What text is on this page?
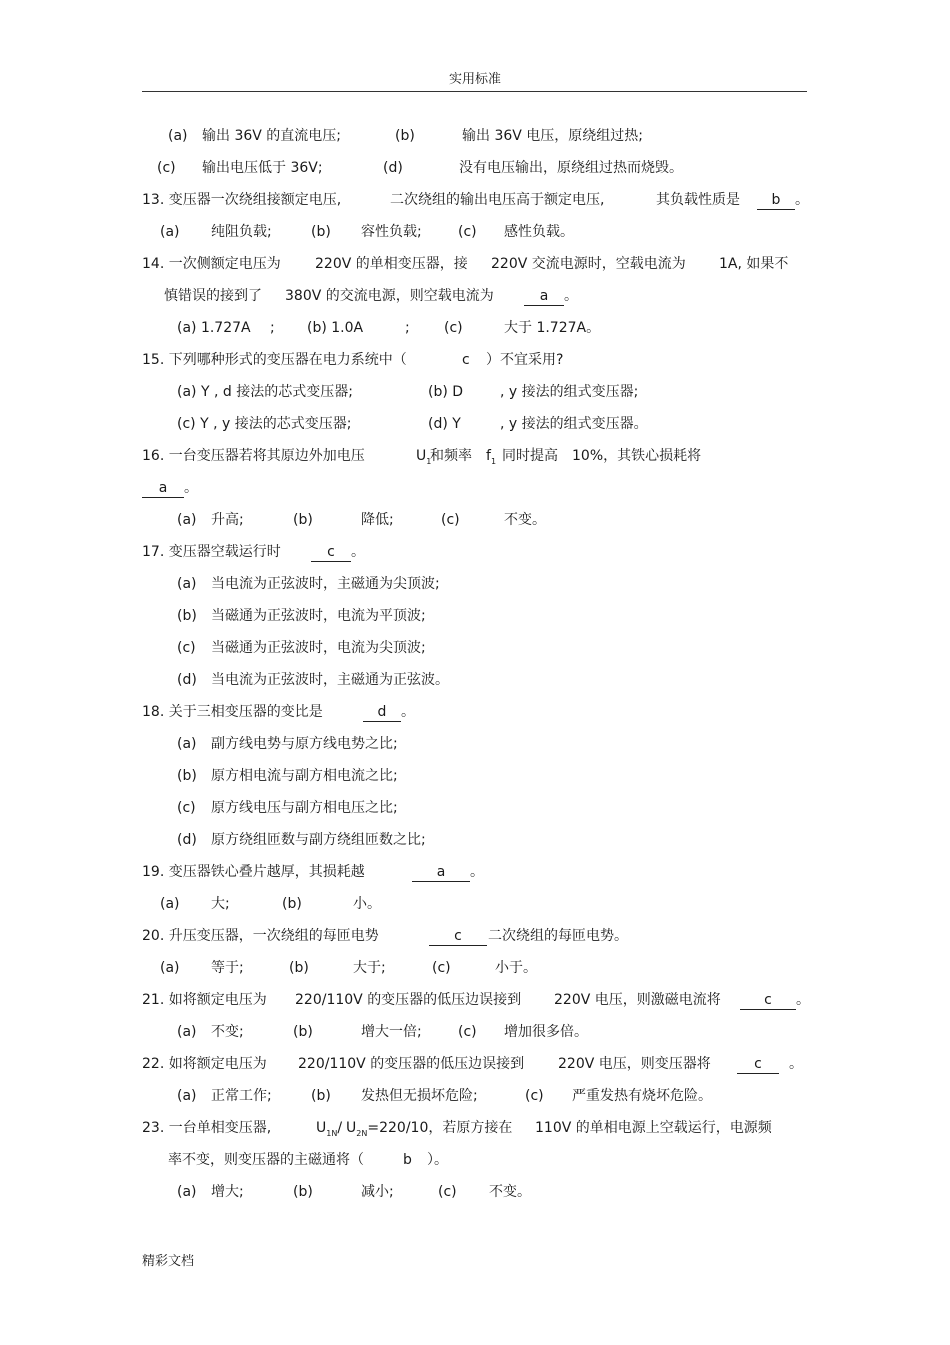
实用标准
(a) 输出 36V 的直流电压;	(b)	输出 36V 电压，原绕组过热;
(c) 输出电压低于 36V;	(d)	没有电压输出，原绕组过热而烧毁。
13. 变压器一次绕组接额定电压,	二次绕组的输出电压高于额定电压,	其负载性质是	b 。
(a) 纯阻负载;	(b) 容性负载;	(c) 感性负载。
14. 一次侧额定电压为 220V 的单相变压器，接 220V 交流电源时，空载电流为 1A, 如果不
慎错误的接到了 380V 的交流电源，则空载电流为	a 。
(a) 1.727A ; (b) 1.0A	; (c)	大于 1.727A。
15. 下列哪种形式的变压器在电力系统中（	c ）不宜采用?
(a) Y , d 接法的芯式变压器;	(b) D	, y 接法的组式变压器;
(c) Y , y 接法的芯式变压器;	(d) Y	, y 接法的组式变压器。
16. 一台变压器若将其原边外加电压	$U_1$
和频率 $f_1$ 同时提高 10%，其铁心损耗将
a 。
(a) 升高;	(b)	降低;	(c)	不变。
17. 变压器空载运行时	c 。
(a) 当电流为正弦波时，主磁通为尖顶波;
(b) 当磁通为正弦波时，电流为平顶波;
(c) 当磁通为正弦波时，电流为尖顶波;
(d) 当电流为正弦波时，主磁通为正弦波。
18. 关于三相变压器的变比是	d 。
(a) 副方线电势与原方线电势之比;
(b) 原方相电流与副方相电流之比;
(c) 原方线电压与副方相电压之比;
(d) 原方绕组匝数与副方绕组匝数之比;
19. 变压器铁心叠片越厚，其损耗越	a 。
(a) 大;	(b)	小。
20. 升压变压器，一次绕组的每匝电势	c	二次绕组的每匝电势。
(a) 等于;	(b)	大于;	(c)	小于。
21. 如将额定电压为 220/110V 的变压器的低压边误接到 220V 电压，则激磁电流将	c 。
(a) 不变;	(b)	增大一倍;	(c) 增加很多倍。
22. 如将额定电压为 220/110V 的变压器的低压边误接到 220V 电压，则变压器将	c	。
(a) 正常工作;	(b) 发热但无损坏危险;	(c) 严重发热有烧坏危险。
23. 一台单相变压器,	$U_{1N}/$ $U_{2N}=220/10$，若原方接在 110V 的单相电源上空载运行，电源频
率不变，则变压器的主磁通将（	b ）。
(a) 增大;	(b)	减小;	(c) 不变。
精彩文档
